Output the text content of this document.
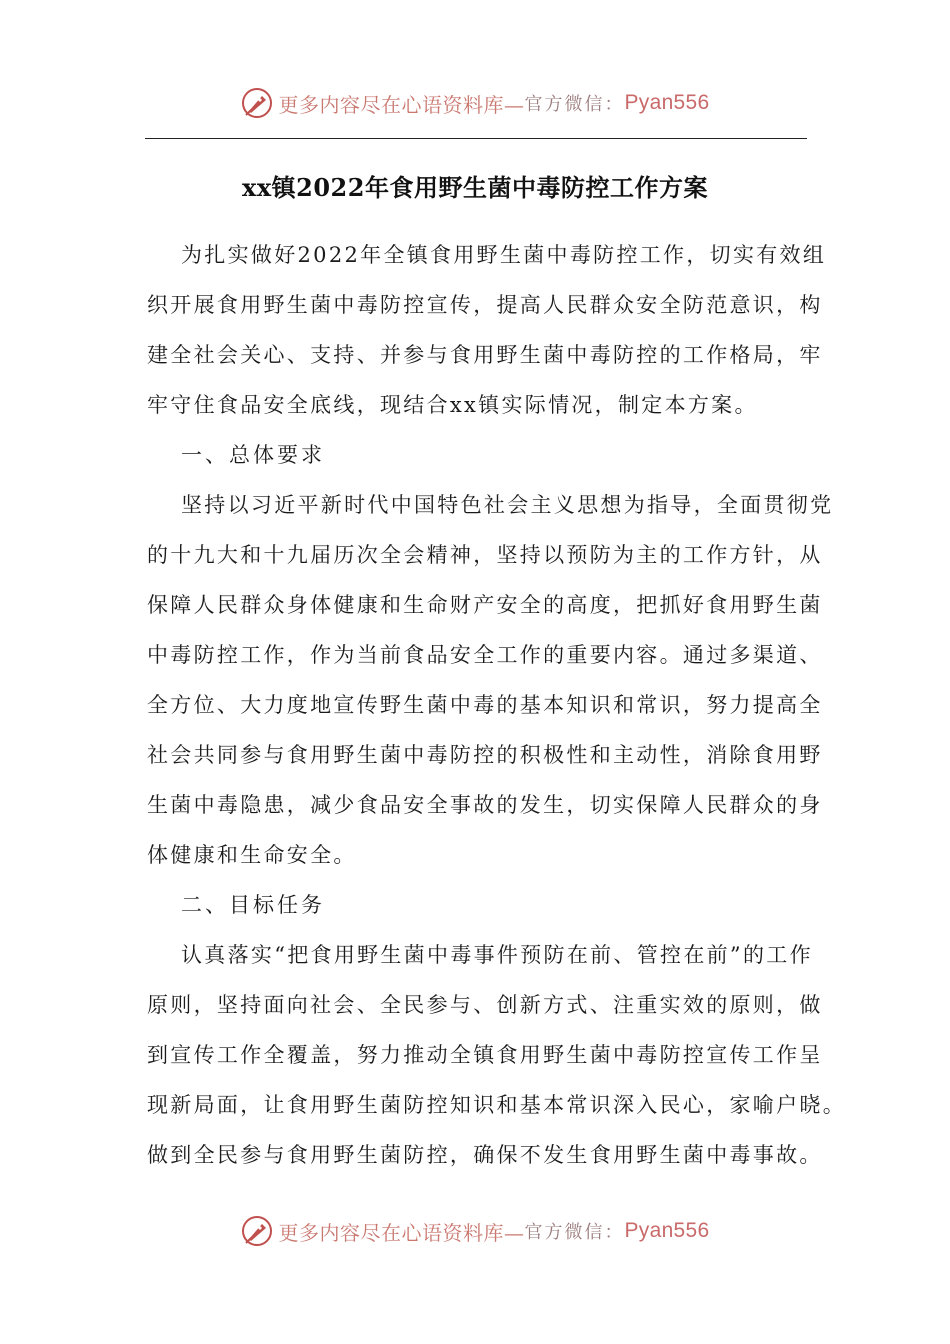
更多内容尽在心语资料库— 官方微信： Pyan556
xx镇2022年食用野生菌中毒防控工作方案
为扎实做好2022年全镇食用野生菌中毒防控工作，切实有效组
织开展食用野生菌中毒防控宣传，提高人民群众安全防范意识，构
建全社会关心、支持、并参与食用野生菌中毒防控的工作格局，牢
牢守住食品安全底线，现结合xx镇实际情况，制定本方案。
一、总体要求
坚持以习近平新时代中国特色社会主义思想为指导，全面贯彻党
的十九大和十九届历次全会精神，坚持以预防为主的工作方针，从
保障人民群众身体健康和生命财产安全的高度，把抓好食用野生菌
中毒防控工作，作为当前食品安全工作的重要内容。通过多渠道、
全方位、大力度地宣传野生菌中毒的基本知识和常识，努力提高全
社会共同参与食用野生菌中毒防控的积极性和主动性，消除食用野
生菌中毒隐患，减少食品安全事故的发生，切实保障人民群众的身
体健康和生命安全。
二、目标任务
认真落实“把食用野生菌中毒事件预防在前、管控在前”的工作
原则，坚持面向社会、全民参与、创新方式、注重实效的原则，做
到宣传工作全覆盖，努力推动全镇食用野生菌中毒防控宣传工作呈
现新局面，让食用野生菌防控知识和基本常识深入民心，家喻户晓。
做到全民参与食用野生菌防控，确保不发生食用野生菌中毒事故。
更多内容尽在心语资料库— 官方微信： Pyan556
